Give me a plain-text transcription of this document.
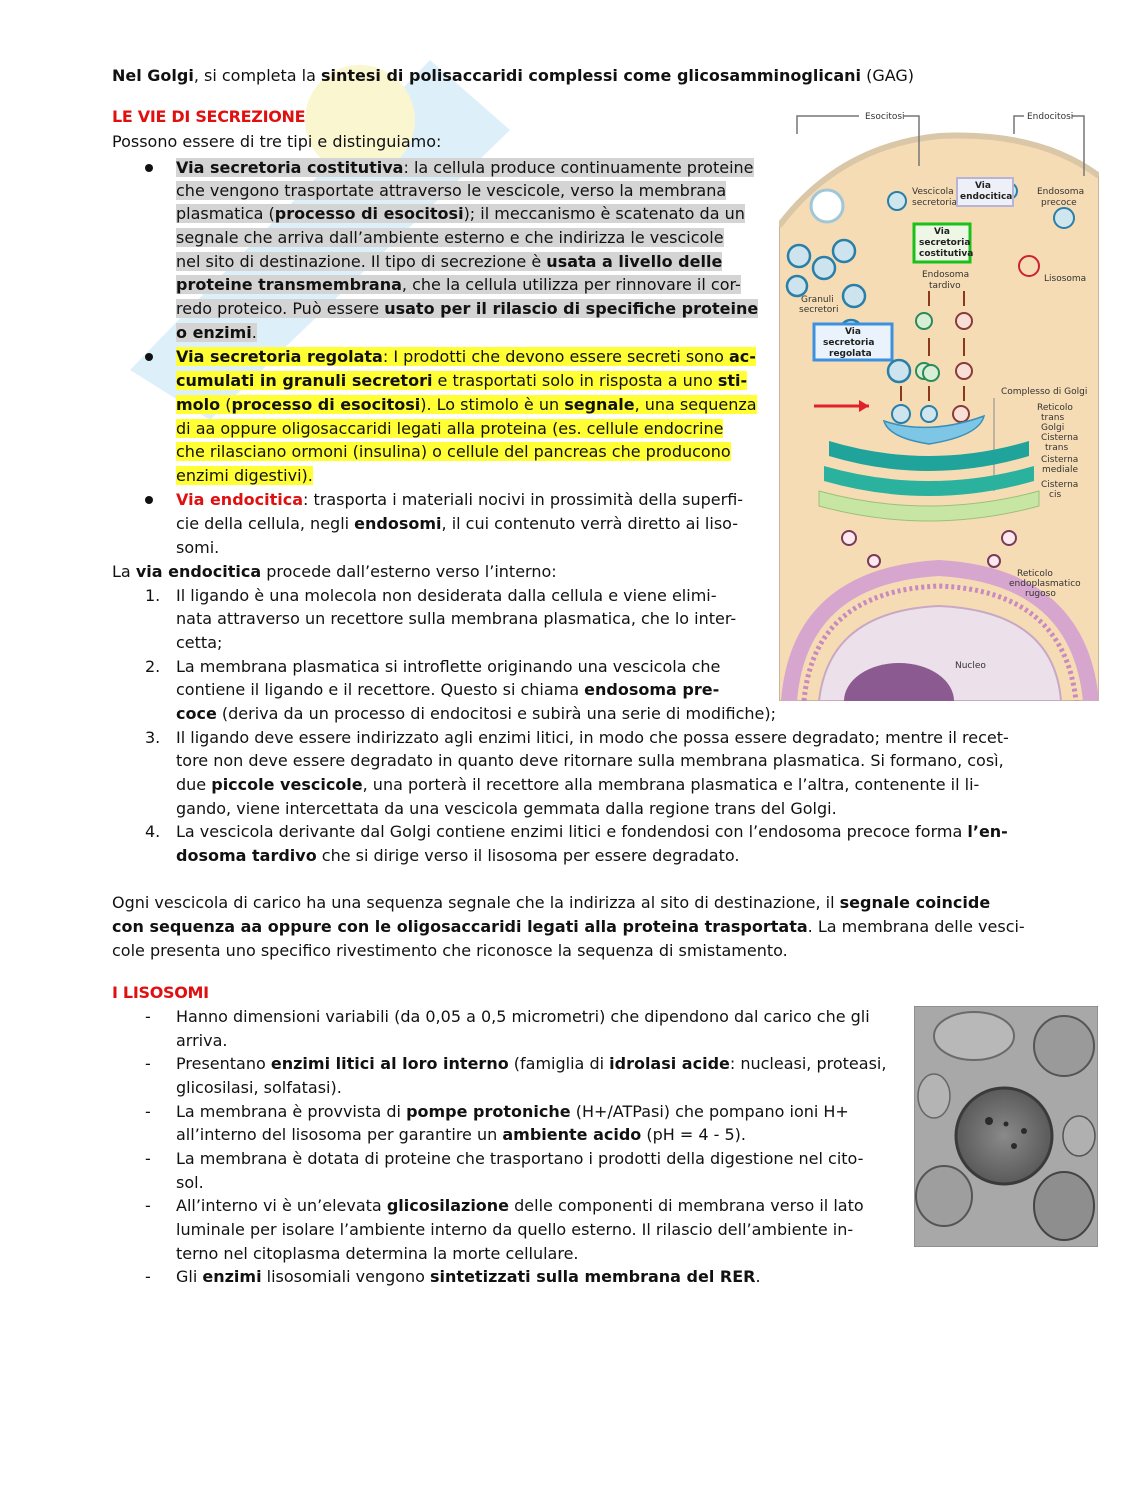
Nel Golgi, si completa la sintesi di polisaccaridi complessi come glicosamminoglicani (GAG)
LE VIE DI SECREZIONE
Possono essere di tre tipi e distinguiamo:
Via secretoria costitutiva: la cellula produce continuamente proteine
che vengono trasportate attraverso le vescicole, verso la membrana
plasmatica (processo di esocitosi); il meccanismo è scatenato da un
segnale che arriva dall’ambiente esterno e che indirizza le vescicole
nel sito di destinazione. Il tipo di secrezione è usata a livello delle
proteine transmembrana, che la cellula utilizza per rinnovare il cor-
redo proteico. Può essere usato per il rilascio di specifiche proteine
o enzimi.
Via secretoria regolata: I prodotti che devono essere secreti sono ac-
cumulati in granuli secretori e trasportati solo in risposta a uno sti-
molo (processo di esocitosi). Lo stimolo è un segnale, una sequenza
di aa oppure oligosaccaridi legati alla proteina (es. cellule endocrine
che rilasciano ormoni (insulina) o cellule del pancreas che producono
enzimi digestivi).
Via endocitica: trasporta i materiali nocivi in prossimità della superfi-
cie della cellula, negli endosomi, il cui contenuto verrà diretto ai liso-
somi.
La via endocitica procede dall’esterno verso l’interno:
1. Il ligando è una molecola non desiderata dalla cellula e viene elimi-
nata attraverso un recettore sulla membrana plasmatica, che lo inter-
cetta;
2. La membrana plasmatica si introflette originando una vescicola che
contiene il ligando e il recettore. Questo si chiama endosoma pre-
coce (deriva da un processo di endocitosi e subirà una serie di modifiche);
3. Il ligando deve essere indirizzato agli enzimi litici, in modo che possa essere degradato; mentre il recet-
tore non deve essere degradato in quanto deve ritornare sulla membrana plasmatica. Si formano, così,
due piccole vescicole, una porterà il recettore alla membrana plasmatica e l’altra, contenente il li-
gando, viene intercettata da una vescicola gemmata dalla regione trans del Golgi.
4. La vescicola derivante dal Golgi contiene enzimi litici e fondendosi con l’endosoma precoce forma l’en-
dosoma tardivo che si dirige verso il lisosoma per essere degradato.
Ogni vescicola di carico ha una sequenza segnale che la indirizza al sito di destinazione, il segnale coincide
con sequenza aa oppure con le oligosaccaridi legati alla proteina trasportata. La membrana delle vesci-
cole presenta uno specifico rivestimento che riconosce la sequenza di smistamento.
I LISOSOMI
- Hanno dimensioni variabili (da 0,05 a 0,5 micrometri) che dipendono dal carico che gli
arriva.
- Presentano enzimi litici al loro interno (famiglia di idrolasi acide: nucleasi, proteasi,
glicosilasi, solfatasi).
- La membrana è provvista di pompe protoniche (H+/ATPasi) che pompano ioni H+
all’interno del lisosoma per garantire un ambiente acido (pH = 4 - 5).
- La membrana è dotata di proteine che trasportano i prodotti della digestione nel cito-
sol.
- All’interno vi è un’elevata glicosilazione delle componenti di membrana verso il lato
luminale per isolare l’ambiente interno da quello esterno. Il rilascio dell’ambiente in-
terno nel citoplasma determina la morte cellulare.
- Gli enzimi lisosomiali vengono sintetizzati sulla membrana del RER.
Esocitosi	Endocitosi
Vescicola
secretoria
Via
endocitica	Endosoma
precoce
Via
secretoria
costitutiva
Endosoma
tardivo
Lisosoma
Granuli
secretori
Via
secretoria
regolata
Complesso di Golgi
Reticolo
trans
Golgi
Cisterna
trans
Cisterna
mediale
Cisterna
cis
Reticolo
endoplasmatico
rugoso
Nucleo
